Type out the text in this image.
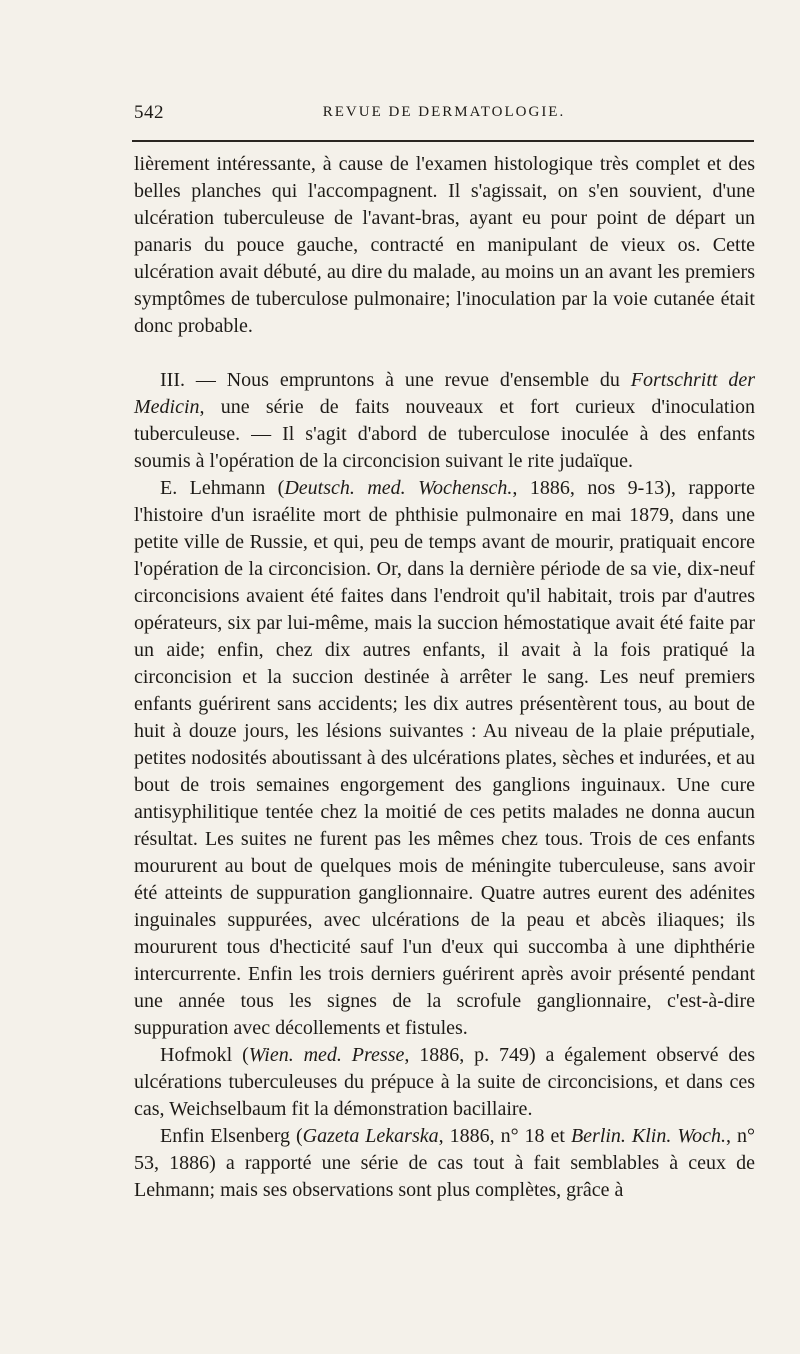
542	REVUE DE DERMATOLOGIE.

lièrement intéressante, à cause de l'examen histologique très complet et des belles planches qui l'accompagnent. Il s'agissait, on s'en souvient, d'une ulcération tuberculeuse de l'avant-bras, ayant eu pour point de départ un panaris du pouce gauche, contracté en manipulant de vieux os. Cette ulcération avait débuté, au dire du malade, au moins un an avant les premiers symptômes de tuberculose pulmonaire; l'inoculation par la voie cutanée était donc probable.

III. — Nous empruntons à une revue d'ensemble du Fortschritt der Medicin, une série de faits nouveaux et fort curieux d'inoculation tuberculeuse. — Il s'agit d'abord de tuberculose inoculée à des enfants soumis à l'opération de la circoncision suivant le rite judaïque.

E. Lehmann (Deutsch. med. Wochensch., 1886, nos 9-13), rapporte l'histoire d'un israélite mort de phthisie pulmonaire en mai 1879, dans une petite ville de Russie, et qui, peu de temps avant de mourir, pratiquait encore l'opération de la circoncision. Or, dans la dernière période de sa vie, dix-neuf circoncisions avaient été faites dans l'endroit qu'il habitait, trois par d'autres opérateurs, six par lui-même, mais la succion hémostatique avait été faite par un aide; enfin, chez dix autres enfants, il avait à la fois pratiqué la circoncision et la succion destinée à arrêter le sang. Les neuf premiers enfants guérirent sans accidents; les dix autres présentèrent tous, au bout de huit à douze jours, les lésions suivantes : Au niveau de la plaie préputiale, petites nodosités aboutissant à des ulcérations plates, sèches et indurées, et au bout de trois semaines engorgement des ganglions inguinaux. Une cure antisyphilitique tentée chez la moitié de ces petits malades ne donna aucun résultat. Les suites ne furent pas les mêmes chez tous. Trois de ces enfants moururent au bout de quelques mois de méningite tuberculeuse, sans avoir été atteints de suppuration ganglionnaire. Quatre autres eurent des adénites inguinales suppurées, avec ulcérations de la peau et abcès iliaques; ils moururent tous d'hecticité sauf l'un d'eux qui succomba à une diphthérie intercurrente. Enfin les trois derniers guérirent après avoir présenté pendant une année tous les signes de la scrofule ganglionnaire, c'est-à-dire suppuration avec décollements et fistules.

Hofmokl (Wien. med. Presse, 1886, p. 749) a également observé des ulcérations tuberculeuses du prépuce à la suite de circoncisions, et dans ces cas, Weichselbaum fit la démonstration bacillaire.

Enfin Elsenberg (Gazeta Lekarska, 1886, n° 18 et Berlin. Klin. Woch., n° 53, 1886) a rapporté une série de cas tout à fait semblables à ceux de Lehmann; mais ses observations sont plus complètes, grâce à
